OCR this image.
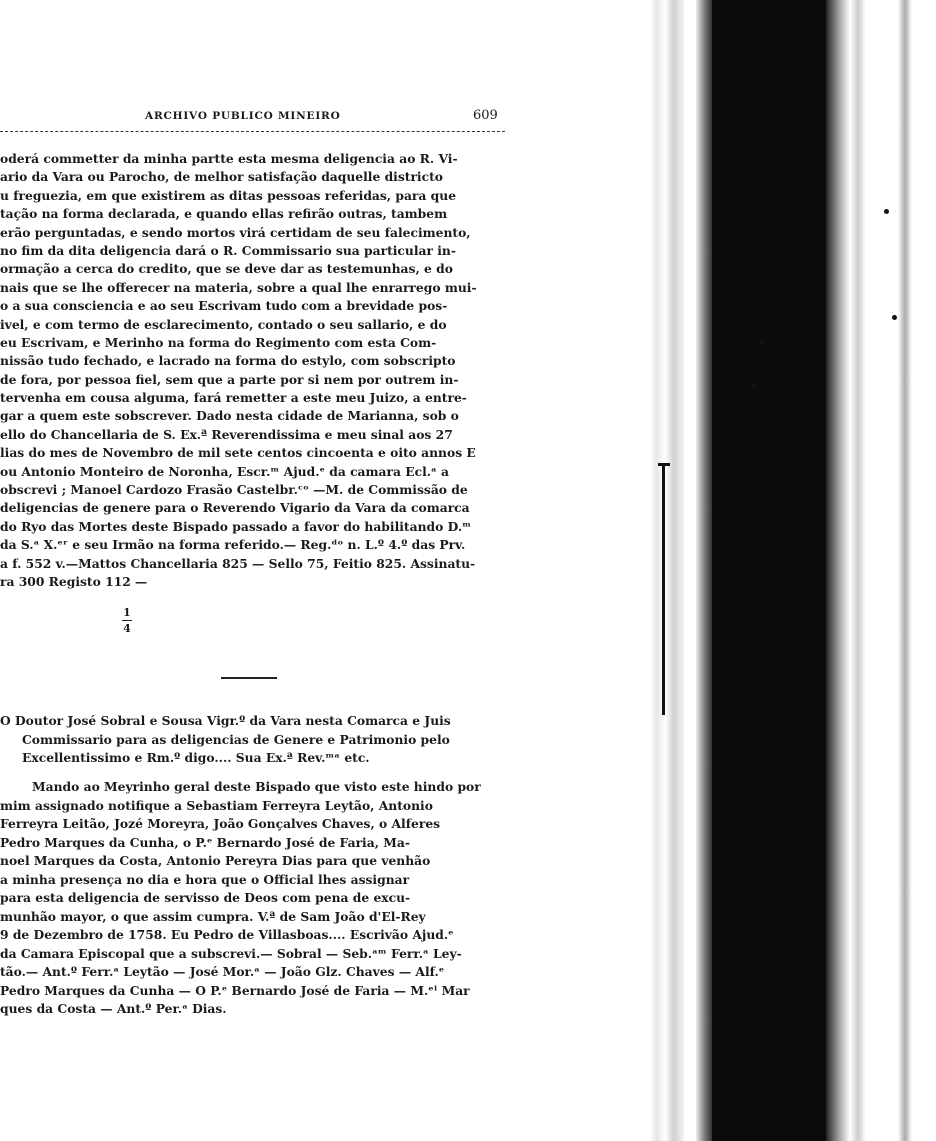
ARCHIVO PUBLICO MINEIRO	609
oderá commetter da minha partte esta mesma deligencia ao R. Vi-
ario da Vara ou Parocho, de melhor satisfação daquelle districto
u freguezia, em que existirem as ditas pessoas referidas, para que
tação na forma declarada, e quando ellas refirão outras, tambem
erão perguntadas, e sendo mortos virá certidam de seu falecimento,
no fim da dita deligencia dará o R. Commissario sua particular in-
ormação a cerca do credito, que se deve dar as testemunhas, e do
nais que se lhe offerecer na materia, sobre a qual lhe enrarrego mui-
o a sua consciencia e ao seu Escrivam tudo com a brevidade pos-
ivel, e com termo de esclarecimento, contado o seu sallario, e do
eu Escrivam, e Merinho na forma do Regimento com esta Com-
nissão tudo fechado, e lacrado na forma do estylo, com sobscripto
de fora, por pessoa fiel, sem que a parte por si nem por outrem in-
tervenha em cousa alguma, fará remetter a este meu Juizo, a entre-
gar a quem este sobscrever. Dado nesta cidade de Marianna, sob o
ello do Chancellaria de S. Ex.ª Reverendissima e meu sinal aos 27
lias do mes de Novembro de mil sete centos cincoenta e oito annos E
ou Antonio Monteiro de Noronha, Escr.ᵐ Ajud.ᵉ da camara Ecl.ᵃ a
obscrevi ; Manoel Cardozo Frasão Castelbr.ᶜᵒ —M. de Commissão de
deligencias de genere para o Reverendo Vigario da Vara da comarca
do Ryo das Mortes deste Bispado passado a favor do habilitando D.ᵐ
da S.ᵃ X.ᵉʳ e seu Irmão na forma referido.— Reg.ᵈᵒ n. L.º 4.º das Prv.
a f. 552 v.—Mattos Chancellaria 825 — Sello 75, Feitio 825. Assinatu-
ra 300 Registo 112 —
1
4
O Doutor José Sobral e Sousa Vigr.º da Vara nesta Comarca e Juis
Commissario para as deligencias de Genere e Patrimonio pelo
Excellentissimo e Rm.º digo.... Sua Ex.ª Rev.ᵐᵃ etc.
Mando ao Meyrinho geral deste Bispado que visto este hindo por
mim assignado notifique a Sebastiam Ferreyra Leytão, Antonio
Ferreyra Leitão, Jozé Moreyra, João Gonçalves Chaves, o Alferes
Pedro Marques da Cunha, o P.ᵉ Bernardo José de Faria, Ma-
noel Marques da Costa, Antonio Pereyra Dias para que venhão
a minha presença no dia e hora que o Official lhes assignar
para esta deligencia de servisso de Deos com pena de excu-
munhão mayor, o que assim cumpra. V.ª de Sam João d'El-Rey
9 de Dezembro de 1758. Eu Pedro de Villasboas.... Escrivão Ajud.ᵉ
da Camara Episcopal que a subscrevi.— Sobral — Seb.ᵃᵐ Ferr.ᵃ Ley-
tão.— Ant.º Ferr.ᵃ Leytão — José Mor.ᵃ — João Glz. Chaves — Alf.ᵉ
Pedro Marques da Cunha — O P.ᵉ Bernardo José de Faria — M.ᵉˡ Mar
ques da Costa — Ant.º Per.ᵃ Dias.
